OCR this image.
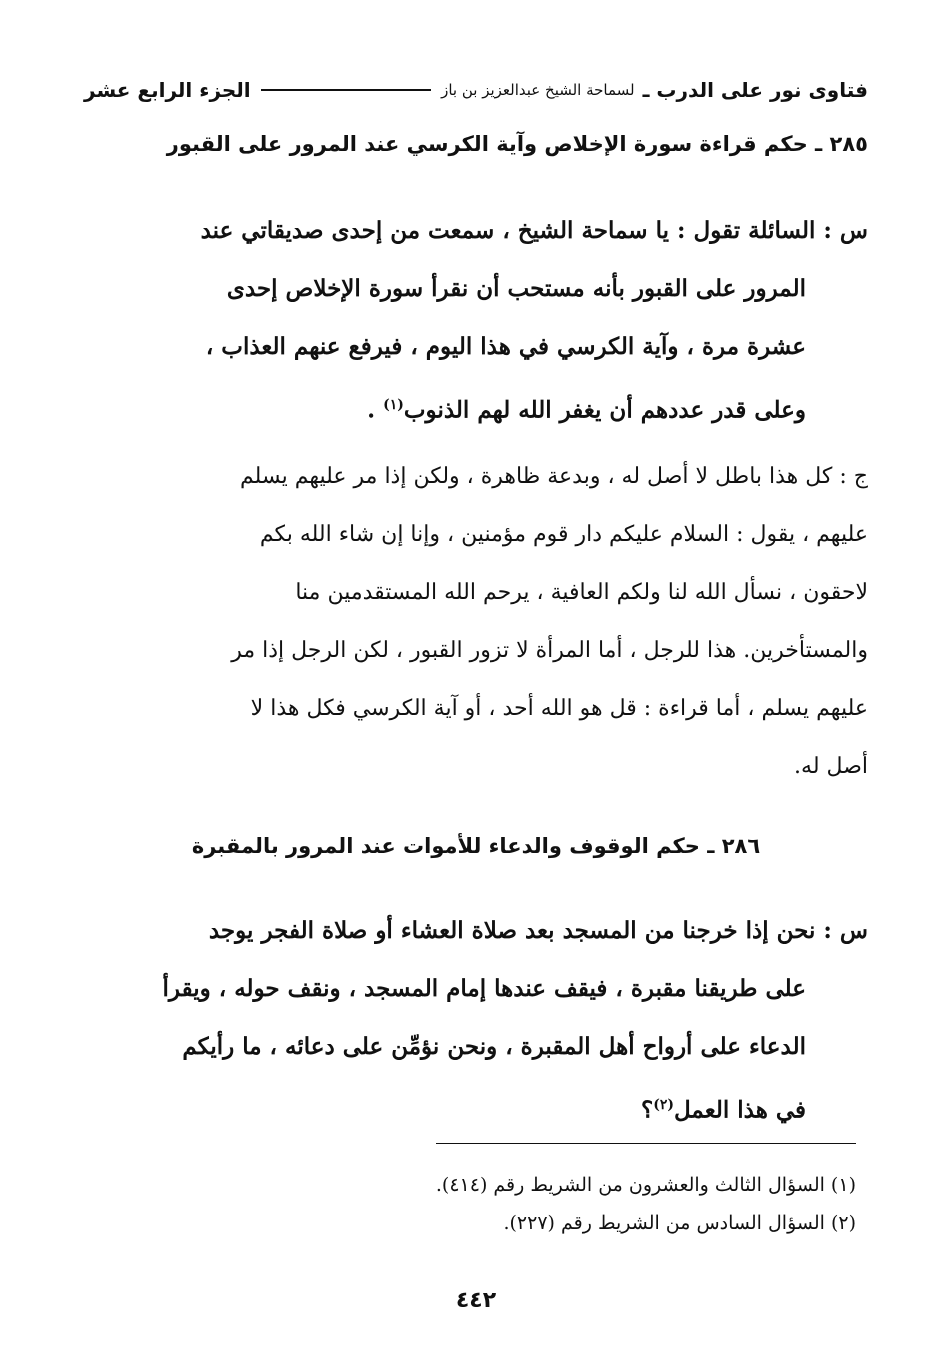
فتاوى نور على الدرب ـ
لسماحة الشيخ عبدالعزيز بن باز
الجزء الرابع عشر
٢٨٥ ـ حكم قراءة سورة الإخلاص وآية الكرسي عند المرور على القبور
س : السائلة تقول : يا سماحة الشيخ ، سمعت من إحدى صديقاتي عند
المرور على القبور بأنه مستحب أن نقرأ سورة الإخلاص إحدى
عشرة مرة ، وآية الكرسي في هذا اليوم ، فيرفع عنهم العذاب ،
وعلى قدر عددهم أن يغفر الله لهم الذنوب$^{(١)}$ .
ج : كل هذا باطل لا أصل له ، وبدعة ظاهرة ، ولكن إذا مر عليهم يسلم
عليهم ، يقول : السلام عليكم دار قوم مؤمنين ، وإنا إن شاء الله بكم
لاحقون ، نسأل الله لنا ولكم العافية ، يرحم الله المستقدمين منا
والمستأخرين. هذا للرجل ، أما المرأة لا تزور القبور ، لكن الرجل إذا مر
عليهم يسلم ، أما قراءة : قل هو الله أحد ، أو آية الكرسي فكل هذا لا
أصل له.
٢٨٦ ـ حكم الوقوف والدعاء للأموات عند المرور بالمقبرة
س : نحن إذا خرجنا من المسجد بعد صلاة العشاء أو صلاة الفجر يوجد
على طريقنا مقبرة ، فيقف عندها إمام المسجد ، ونقف حوله ، ويقرأ
الدعاء على أرواح أهل المقبرة ، ونحن نؤمِّن على دعائه ، ما رأيكم
في هذا العمل$^{(٢)}$؟
(١) السؤال الثالث والعشرون من الشريط رقم (٤١٤).
(٢) السؤال السادس من الشريط رقم (٢٢٧).
٤٤٢
